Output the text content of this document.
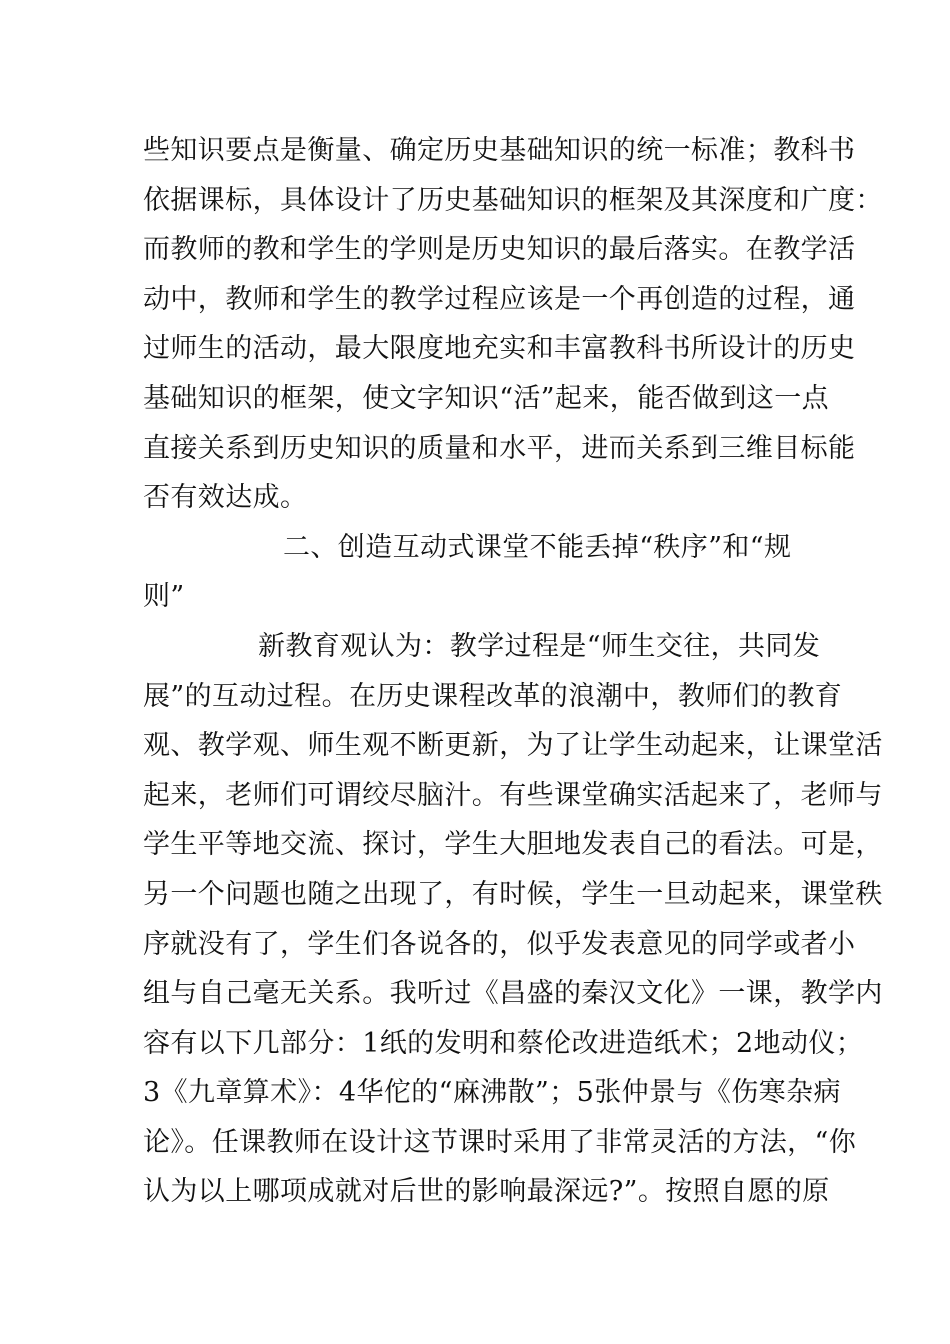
些知识要点是衡量、确定历史基础知识的统一标准；教科书
依据课标，具体设计了历史基础知识的框架及其深度和广度：
而教师的教和学生的学则是历史知识的最后落实。在教学活
动中，教师和学生的教学过程应该是一个再创造的过程，通
过师生的活动，最大限度地充实和丰富教科书所设计的历史
基础知识的框架，使文字知识“活”起来，能否做到这一点
直接关系到历史知识的质量和水平，进而关系到三维目标能
否有效达成。
二、创造互动式课堂不能丢掉“秩序”和“规
则”
新教育观认为：教学过程是“师生交往，共同发
展”的互动过程。在历史课程改革的浪潮中，教师们的教育
观、教学观、师生观不断更新，为了让学生动起来，让课堂活
起来，老师们可谓绞尽脑汁。有些课堂确实活起来了，老师与
学生平等地交流、探讨，学生大胆地发表自己的看法。可是，
另一个问题也随之出现了，有时候，学生一旦动起来，课堂秩
序就没有了，学生们各说各的，似乎发表意见的同学或者小
组与自己毫无关系。我听过《昌盛的秦汉文化》一课，教学内
容有以下几部分：1纸的发明和蔡伦改进造纸术；2地动仪；
3《九章算术》：4华佗的“麻沸散”；5张仲景与《伤寒杂病
论》。任课教师在设计这节课时采用了非常灵活的方法，“你
认为以上哪项成就对后世的影响最深远?”。按照自愿的原
